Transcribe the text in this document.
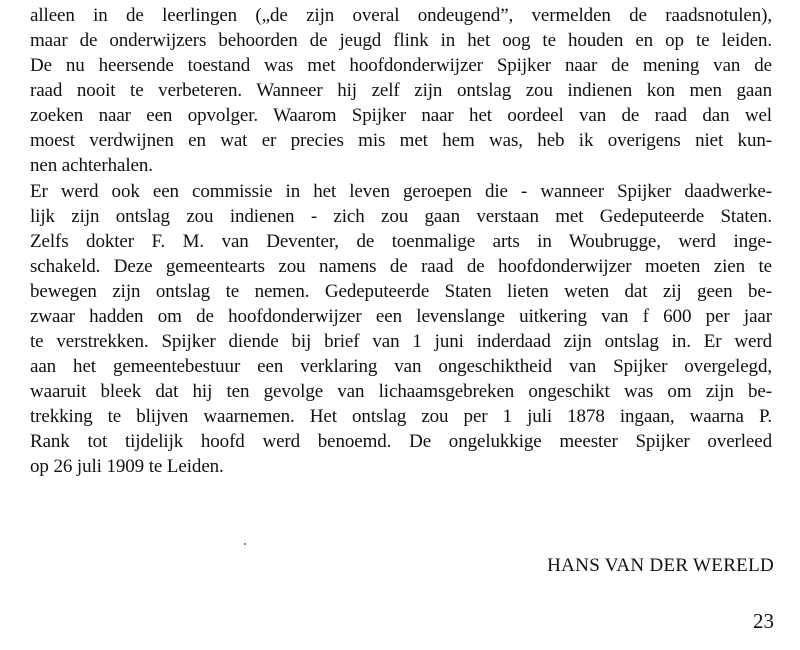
alleen in de leerlingen („de zijn overal ondeugend”, vermelden de raadsnotulen),
maar de onderwijzers behoorden de jeugd flink in het oog te houden en op te leiden.
De nu heersende toestand was met hoofdonderwijzer Spijker naar de mening van de
raad nooit te verbeteren. Wanneer hij zelf zijn ontslag zou indienen kon men gaan
zoeken naar een opvolger. Waarom Spijker naar het oordeel van de raad dan wel
moest verdwijnen en wat er precies mis met hem was, heb ik overigens niet kun-
nen achterhalen.
Er werd ook een commissie in het leven geroepen die - wanneer Spijker daadwerke-
lijk zijn ontslag zou indienen - zich zou gaan verstaan met Gedeputeerde Staten.
Zelfs dokter F. M. van Deventer, de toenmalige arts in Woubrugge, werd inge-
schakeld. Deze gemeentearts zou namens de raad de hoofdonderwijzer moeten zien te
bewegen zijn ontslag te nemen. Gedeputeerde Staten lieten weten dat zij geen be-
zwaar hadden om de hoofdonderwijzer een levenslange uitkering van f 600 per jaar
te verstrekken. Spijker diende bij brief van 1 juni inderdaad zijn ontslag in. Er werd
aan het gemeentebestuur een verklaring van ongeschiktheid van Spijker overgelegd,
waaruit bleek dat hij ten gevolge van lichaamsgebreken ongeschikt was om zijn be-
trekking te blijven waarnemen. Het ontslag zou per 1 juli 1878 ingaan, waarna P.
Rank tot tijdelijk hoofd werd benoemd. De ongelukkige meester Spijker overleed
op 26 juli 1909 te Leiden.
HANS VAN DER WERELD
23
